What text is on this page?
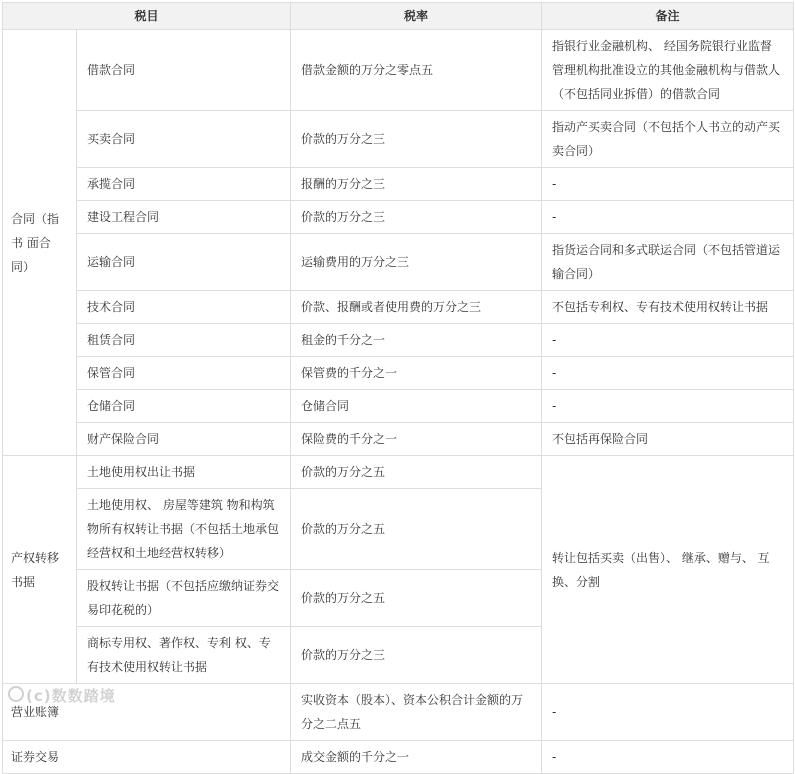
税目		税率	备注
合同（指书 面合同）	借款合同	借款金额的万分之零点五	指银行业金融机构、 经国务院银行业监督管理机构批准设立的其他金融机构与借款人（不包括同业拆借）的借款合同
	买卖合同	价款的万分之三	指动产买卖合同（不包括个人书立的动产买卖合同）
	承揽合同	报酬的万分之三	-
	建设工程合同	价款的万分之三	-
	运输合同	运输费用的万分之三	指货运合同和多式联运合同（不包括管道运输合同）
	技术合同	价款、报酬或者使用费的万分之三	不包括专利权、专有技术使用权转让书据
	租赁合同	租金的千分之一	-
	保管合同	保管费的千分之一	-
	仓储合同	仓储合同	-
	财产保险合同	保险费的千分之一	不包括再保险合同
产权转移书据	土地使用权出让书据	价款的万分之五	转让包括买卖（出售）、 继承、赠与、 互换、分割
	土地使用权、 房屋等建筑 物和构筑物所有权转让书据（不包括土地承包经营权和土地经营权转移）	价款的万分之五	
	股权转让书据（不包括应缴纳证券交易印花税的）	价款的万分之五	
	商标专用权、著作权、专利 权、专有技术使用权转让书据	价款的万分之三	
营业账簿		实收资本（股本）、资本公积合计金额的万分之二点五	-
证券交易		成交金额的千分之一	-
(c)数数踏境
